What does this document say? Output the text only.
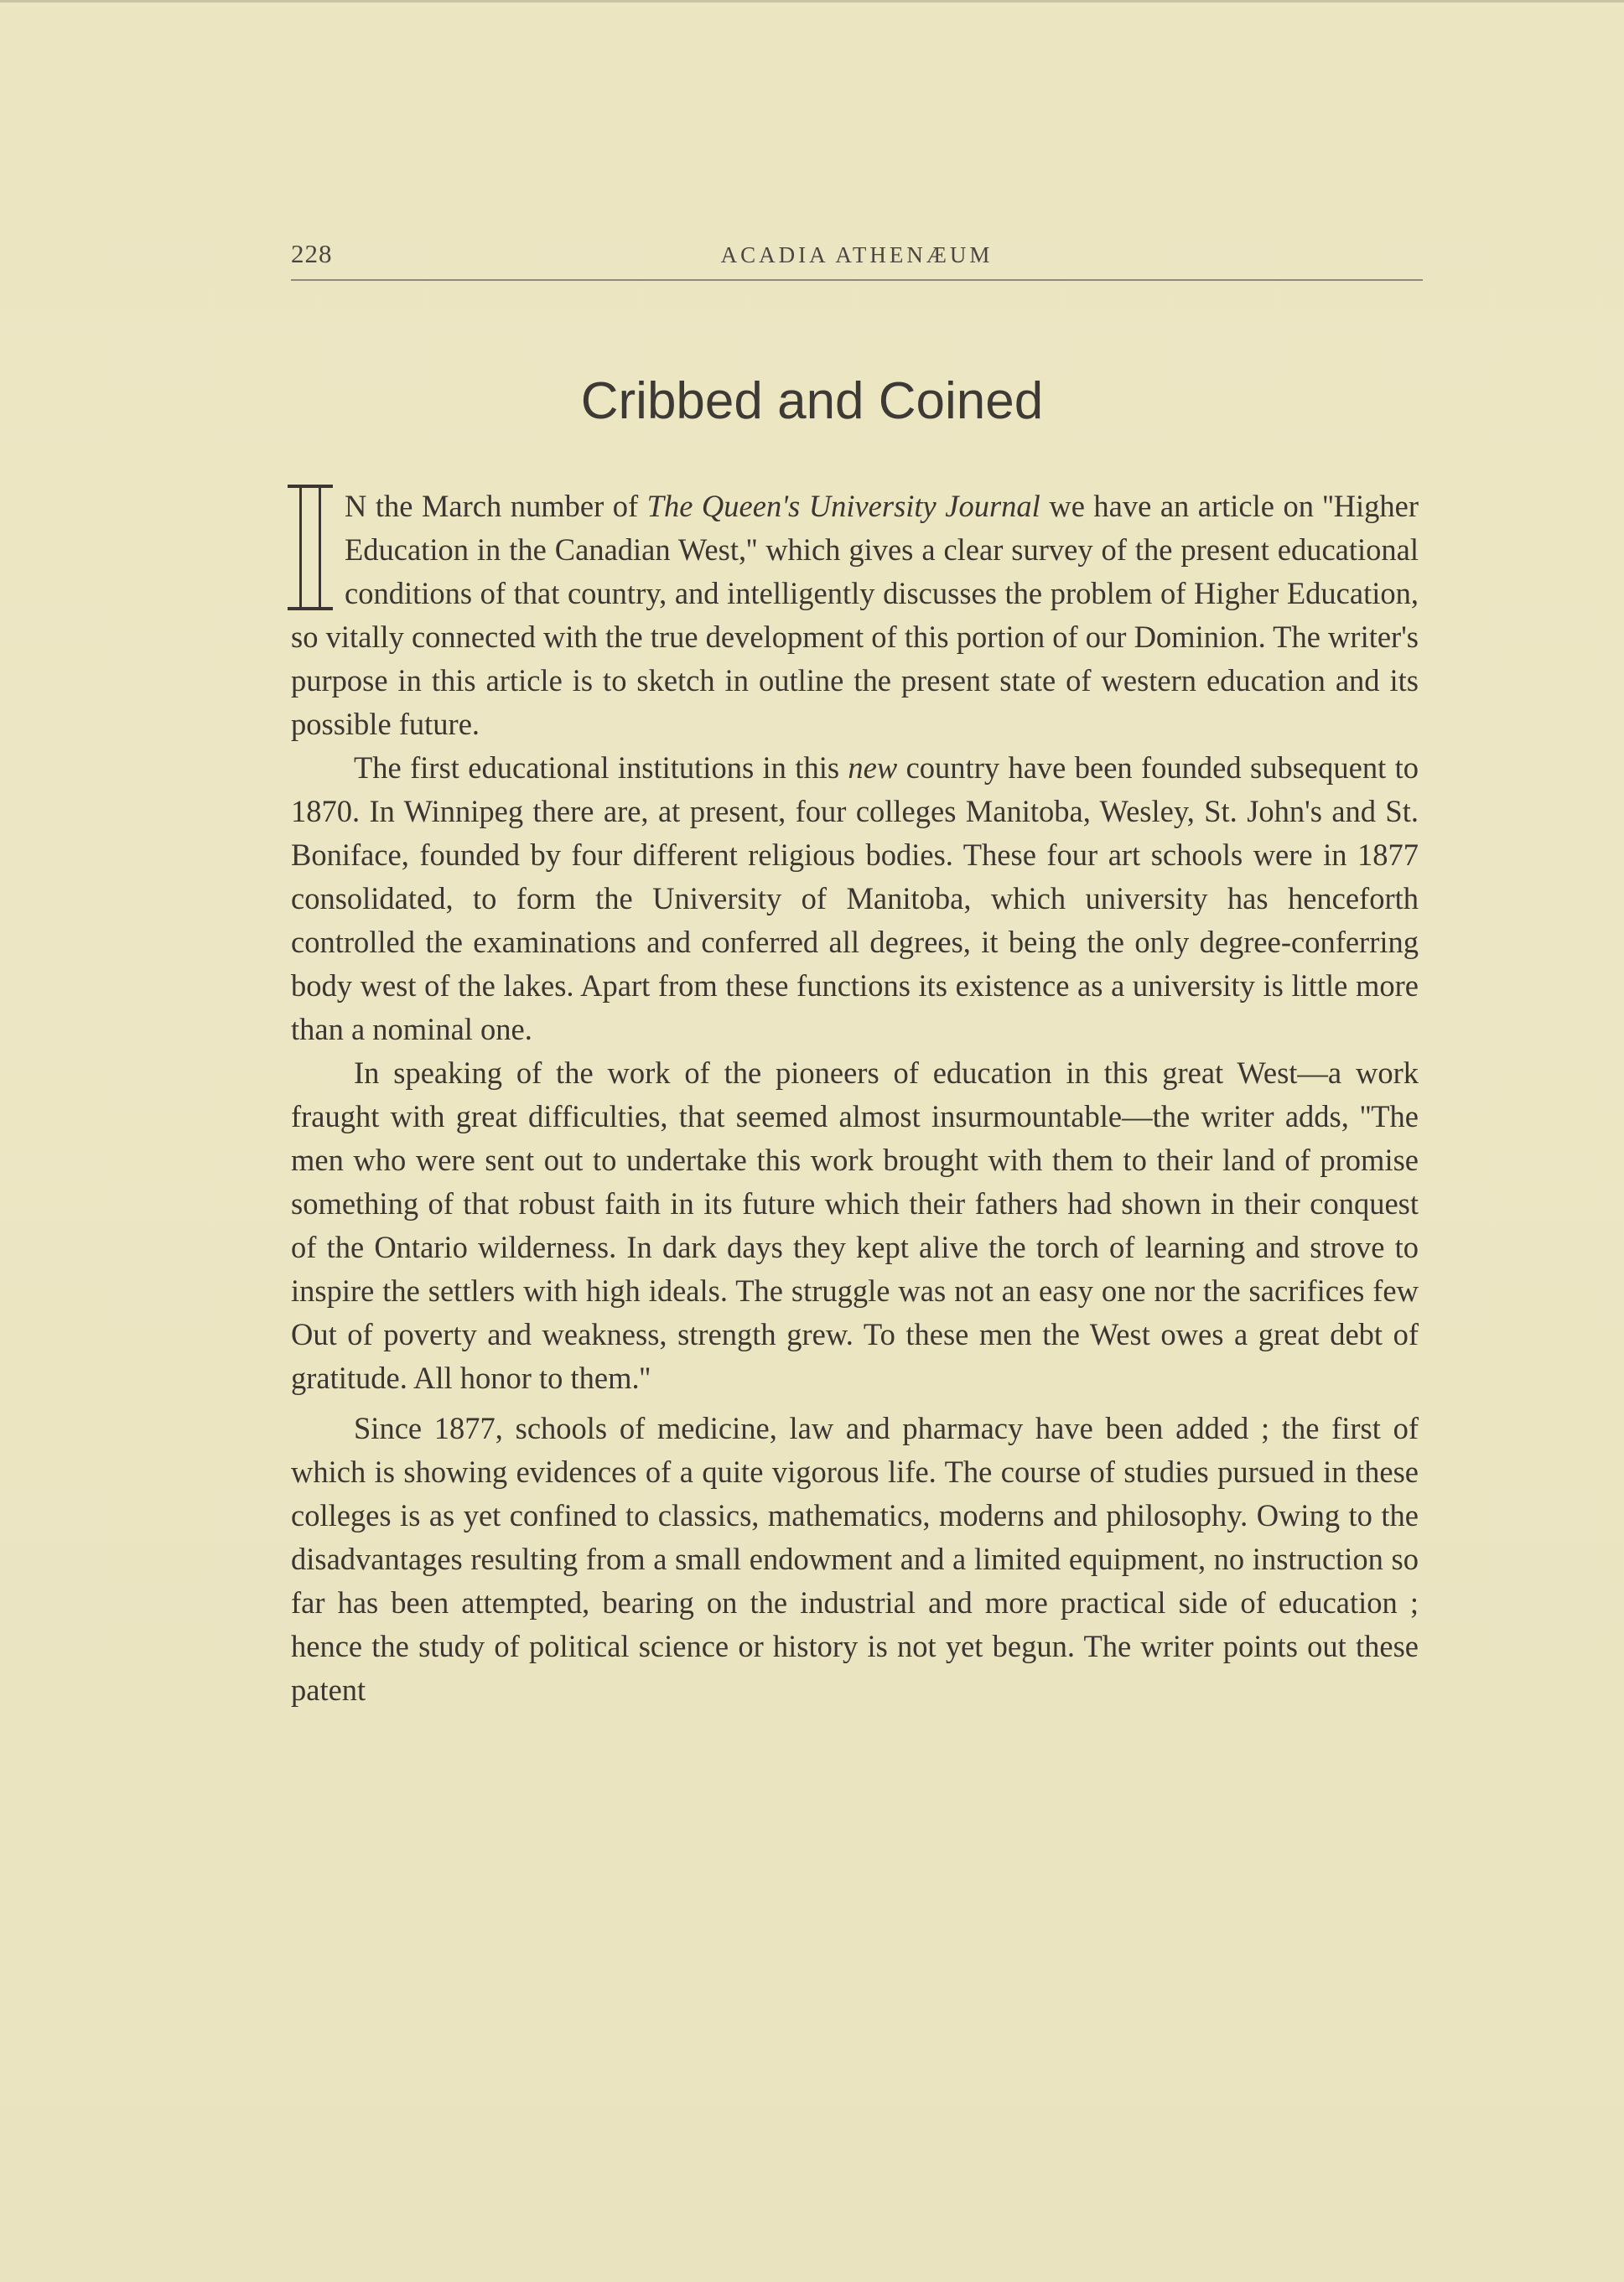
228	ACADIA ATHENÆUM
Cribbed and Coined

N the March number of The Queen's University Journal we have an article on ''Higher Education in the Canadian West,'' which gives a clear survey of the present educational conditions of that country, and intelligently discusses the problem of Higher Education, so vitally connected with the true development of this portion of our Dominion. The writer's purpose in this article is to sketch in outline the present state of western education and its possible future.

The first educational institutions in this new country have been founded subsequent to 1870. In Winnipeg there are, at present, four colleges Manitoba, Wesley, St. John's and St. Boniface, founded by four different religious bodies. These four art schools were in 1877 consolidated, to form the University of Manitoba, which university has henceforth controlled the examinations and conferred all degrees, it being the only degree-conferring body west of the lakes. Apart from these functions its existence as a university is little more than a nominal one.

In speaking of the work of the pioneers of education in this great West—a work fraught with great difficulties, that seemed almost insurmountable—the writer adds, ''The men who were sent out to undertake this work brought with them to their land of promise something of that robust faith in its future which their fathers had shown in their conquest of the Ontario wilderness. In dark days they kept alive the torch of learning and strove to inspire the settlers with high ideals. The struggle was not an easy one nor the sacrifices few Out of poverty and weakness, strength grew. To these men the West owes a great debt of gratitude. All honor to them.''

Since 1877, schools of medicine, law and pharmacy have been added ; the first of which is showing evidences of a quite vigorous life. The course of studies pursued in these colleges is as yet confined to classics, mathematics, moderns and philosophy. Owing to the disadvantages resulting from a small endowment and a limited equipment, no instruction so far has been attempted, bearing on the industrial and more practical side of education ; hence the study of political science or history is not yet begun. The writer points out these patent
